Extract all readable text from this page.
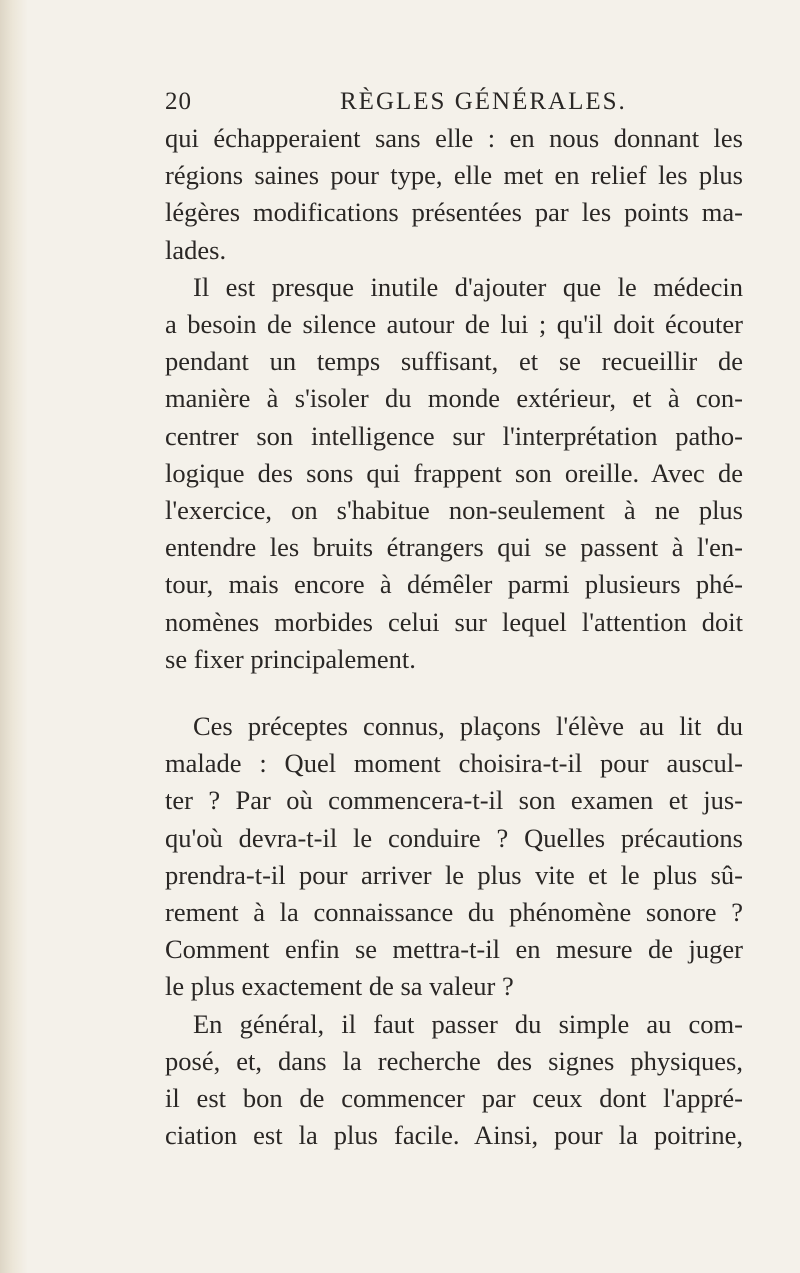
20	RÈGLES GÉNÉRALES.

qui échapperaient sans elle : en nous donnant les
régions saines pour type, elle met en relief les plus
légères modifications présentées par les points ma-
lades.

Il est presque inutile d'ajouter que le médecin
a besoin de silence autour de lui ; qu'il doit écouter
pendant un temps suffisant, et se recueillir de
manière à s'isoler du monde extérieur, et à con-
centrer son intelligence sur l'interprétation patho-
logique des sons qui frappent son oreille. Avec de
l'exercice, on s'habitue non-seulement à ne plus
entendre les bruits étrangers qui se passent à l'en-
tour, mais encore à démêler parmi plusieurs phé-
nomènes morbides celui sur lequel l'attention doit
se fixer principalement.

Ces préceptes connus, plaçons l'élève au lit du
malade : Quel moment choisira-t-il pour auscul-
ter ? Par où commencera-t-il son examen et jus-
qu'où devra-t-il le conduire ? Quelles précautions
prendra-t-il pour arriver le plus vite et le plus sû-
rement à la connaissance du phénomène sonore ?
Comment enfin se mettra-t-il en mesure de juger
le plus exactement de sa valeur ?

En général, il faut passer du simple au com-
posé, et, dans la recherche des signes physiques,
il est bon de commencer par ceux dont l'appré-
ciation est la plus facile. Ainsi, pour la poitrine,
